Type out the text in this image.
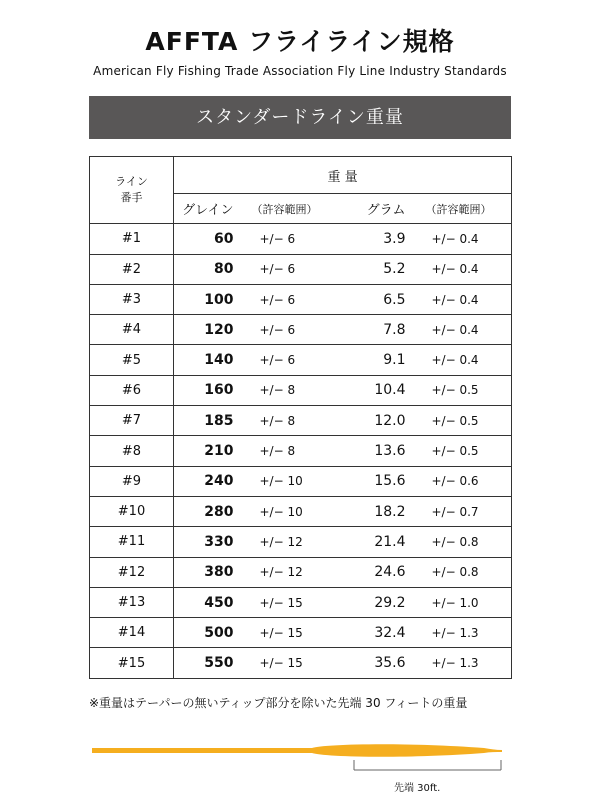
AFFTA フライライン規格
American Fly Fishing Trade Association Fly Line Industry Standards
スタンダードライン重量
ライン
番手	重 量			
	グレイン	（許容範囲）	グラム	（許容範囲）
#1	60	+/− 6	3.9	+/− 0.4
#2	80	+/− 6	5.2	+/− 0.4
#3	100	+/− 6	6.5	+/− 0.4
#4	120	+/− 6	7.8	+/− 0.4
#5	140	+/− 6	9.1	+/− 0.4
#6	160	+/− 8	10.4	+/− 0.5
#7	185	+/− 8	12.0	+/− 0.5
#8	210	+/− 8	13.6	+/− 0.5
#9	240	+/− 10	15.6	+/− 0.6
#10	280	+/− 10	18.2	+/− 0.7
#11	330	+/− 12	21.4	+/− 0.8
#12	380	+/− 12	24.6	+/− 0.8
#13	450	+/− 15	29.2	+/− 1.0
#14	500	+/− 15	32.4	+/− 1.3
#15	550	+/− 15	35.6	+/− 1.3
※重量はテーパーの無いティップ部分を除いた先端 30 フィートの重量
先端 30ft.
